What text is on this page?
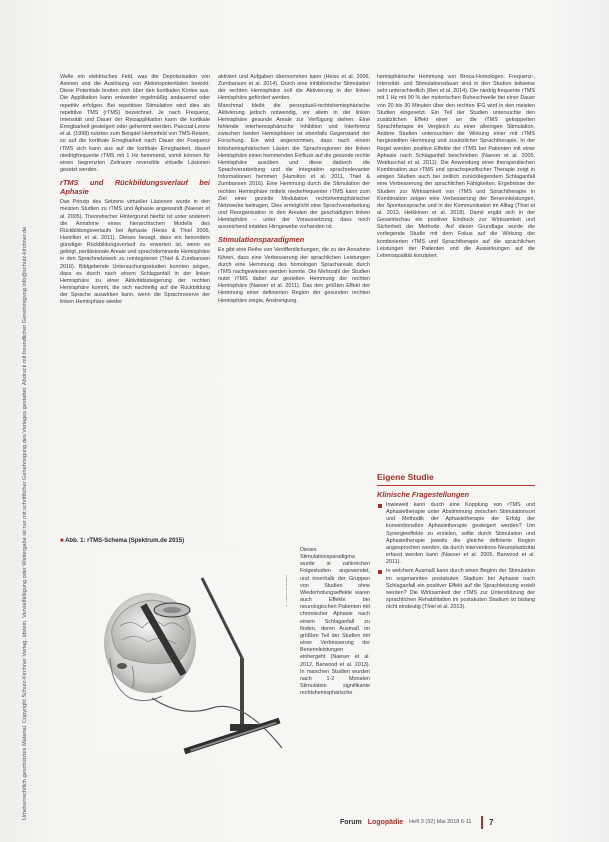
Urheberrechtlich geschütztes Material. Copyright Schulz-Kirchner Verlag, Idstein. Vervielfältigung oder Weitergabe ist nur mit schriftlicher Genehmigung des Verlages gestattet. Abdruck mit freundlicher Genehmigung info@schulz-kirchner.de

Welle ein elektrisches Feld, was die Depolarisation von Axonen und die Auslösung von Aktionspotentialen bewirkt. Diese Potentiale breiten sich über den kortikalen Kortex aus. Die Applikation kann entweder regelmäßig andauernd oder repetitiv erfolgen. Bei repetitiver Stimulation wird dies als repetitive TMS (rTMS) bezeichnet. Je nach Frequenz, Intensität und Dauer der Reizapplikation kann die kortikale Erregbarkeit gesteigert oder gehemmt werden. Pascual-Leone et al. (1998) nutzten zum Beispiel Hemmfeld von TMS-Reizen, so auf die kortikale Erregbarkeit nach Dauer der Frequenz rTMS sich kann aus auf die kortikale Erregbarkeit, dauert niedrigfrequente rTMS mit 1 Hz hemmend, somit können für einen begrenzten Zeitraum reversible virtuelle Läsionen gesetzt werden.

rTMS und Rückbildungsverlauf bei Aphasie

Das Prinzip des Setzens virtueller Läsionen wurde in den meisten Studien zu rTMS und Aphasie angewandt (Naeser et al. 2005). Theoretischer Hintergrund hierfür ist unter anderem die Annahme eines hierarchischen Modells des Rückbildungsverlaufs bei Aphasie (Heiss & Thiel 2006, Hamilton et al. 2011). Dieses besagt, dass ein besonders günstiger Rückbildungsverlauf zu erwarten ist, wenn es gelingt, periläsionale Areale und sprachdominante Hemisphäre in den Sprachnetzwerk zu reintegrieren (Thiel & Zumbansen 2016). Bildgebende Untersuchungsstudien konnten zeigen, dass es durch nach einem Schlaganfall in der linken Hemisphäre zu einer Aktivitätssteigerung der rechten Hemisphäre kommt, die sich nachteilig auf die Rückbildung der Sprache auswirken kann, wenn die Sprachreserve der linken Hemisphäre wieder

aktiviert und Aufgaben übernommen kann (Heiss et al. 2006, Zumbansen et al. 2014). Durch eine inhibitorische Stimulation der rechten Hemisphäre soll die Aktivierung in der linken Hemisphäre gefördert werden.

Manchmal bleibt die perzeptuell-rechtshemisphärische Aktivierung jedoch notwendig, vor allem in der linken Hemisphäre gesunde Areale zur Verfügung stehen. Eine fehlende interhemisphärische Inhibition und Interferenz zwischen beiden Hemisphären ist ebenfalls Gegenstand der Forschung. Ein wird angenommen, dass nach einem linkshemisphärischen Läsion die Sprachregionen der linken Hemisphäre einen hemmenden Einfluss auf die gesunde rechte Hemisphäre ausüben und diese dadurch die Sprachverarbeitung und die Integration sprachrelevanter Informationen hemmen (Hamilton et al. 2011, Thiel & Zumbansen 2016). Eine Hemmung durch die Stimulation der rechten Hemisphäre mittels niederfrequenter rTMS kann zum Ziel einer gezielte Modulation rechtshemisphärischer Netzwerke beitragen. Dies ermöglicht eine Sprachverarbeitung und Reorganisation in den Arealen der geschädigten linken Hemisphäre – unter der Voraussetzung, dass noch ausreichend intaktes Hirngewebe vorhanden ist.

Stimulationsparadigmen

Es gibt eine Reihe von Veröffentlichungen, die zu der Annahme führen, dass eine Verbesserung der sprachlichen Leistungen durch eine Hemmung des homologen Sprachareals durch rTMS nachgewiesen werden konnte. Die Mehrzahl der Studien nutzt rTMS dabei zur gezielten Hemmung der rechten Hemisphäre (Naeser et al. 2011). Das den größten Effekt der Hemmung einer definierten Region der gesunden rechten Hemisphäre zeigte, Anstrengung.

hemisphärische Hemmung von Broca-Homologen. Frequenz-, Intensität- und Stimulationsdauer sind in den Studien teilweise sehr unterschiedlich (Ren et al. 2014). Die niedrig frequente rTMS mit 1 Hz mit 90 % der motorischen Ruheschwelle bei einer Dauer von 20 bis 30 Minuten über den rechten IFG wird in den meisten Studien eingesetzt. Ein Teil der Studien untersuchte den zusätzlichen Effekt einer an die rTMS gekoppelten Sprachtherapie im Vergleich zu einer alleinigen Stimulation. Andere Studien untersuchten die Wirkung einer mit rTMS hergestellten Hemmung und zusätzlicher Sprachtherapie. In der Regel werden positive Effekte der rTMS bei Patienten mit einer Aphasie nach Schlaganfall beschrieben (Naeser et al. 2005, Weiduschat et al. 2011). Die Anwendung einer therapeutischen Kombination aus rTMS und sprachspezifischer Therapie zeigt in einigen Studien auch bei zeitlich zurückliegendem Schlaganfall eine Verbesserung der sprachlichen Fähigkeiten. Ergebnisse der Studien zur Wirksamkeit von rTMS und Sprachtherapie in Kombination zeigen eine Verbesserung der Benennleistungen, der Spontansprache und in der Kommunikation im Alltag (Thiel et al. 2013, Heikkinen et al. 2018). Damit ergibt sich in der Gesamtschau ein positiver Eindruck zur Wirksamkeit und Sicherheit der Methode. Auf dieser Grundlage wurde die vorliegende Studie mit dem Fokus auf die Wirkung der kombinierten rTMS und Sprachtherapie auf die sprachlichen Leistungen der Patienten und die Auswirkungen auf die Lebensqualität konzipiert.

Eigene Studie
Klinische Fragestellungen
Inwieweit kann durch eine Kopplung von rTMS und Aphasietherapie unter Abstimmung zwischen Stimulationsort und Methodik der Aphasietherapie der Erfolg der konventionellen Aphasietherapie gesteigert werden? Um Synergieeffekte zu erzielen, sollte durch Stimulation und Aphasietherapie jeweils die gleiche definierte Region angesprochen werden, da durch interventions-Neuroplastizität erfasst werden kann (Naeser et al. 2005, Barwood et al. 2011).
In welchem Ausmaß kann durch einen Beginn der Stimulation im sogenannten postakuten Stadium bei Aphasie nach Schlaganfall ein positiver Effekt auf die Sprachleistung erzielt werden? Die Wirksamkeit der rTMS zur Unterstützung der sprachlichen Rehabilitation im postakuten Stadium ist bislang nicht eindeutig (Thiel et al. 2013).
■ Abb. 1: rTMS-Schema (Spektrum.de 2015)
Dieses Stimulationsparadigma wurde in zahlreichen Folgestudien angewendet, und innerhalb der Gruppen von Studien ohne Wiederholungseffekte waren auch Effekte bei neurologischen Patienten mit chronischer Aphasie nach einem Schlaganfall zu finden, deren Ausmaß im größten Teil der Studien mit einer Verbesserung der Benennleistungen einhergeht (Naeser et al. 2012, Barwood et al. 2013). In manchen Studien wurden nach 1-2 Monaten Stimulation signifikante rechtshemisphärische
Forum Logopädie Heft 3 (32) Mai 2018 6-11 7
